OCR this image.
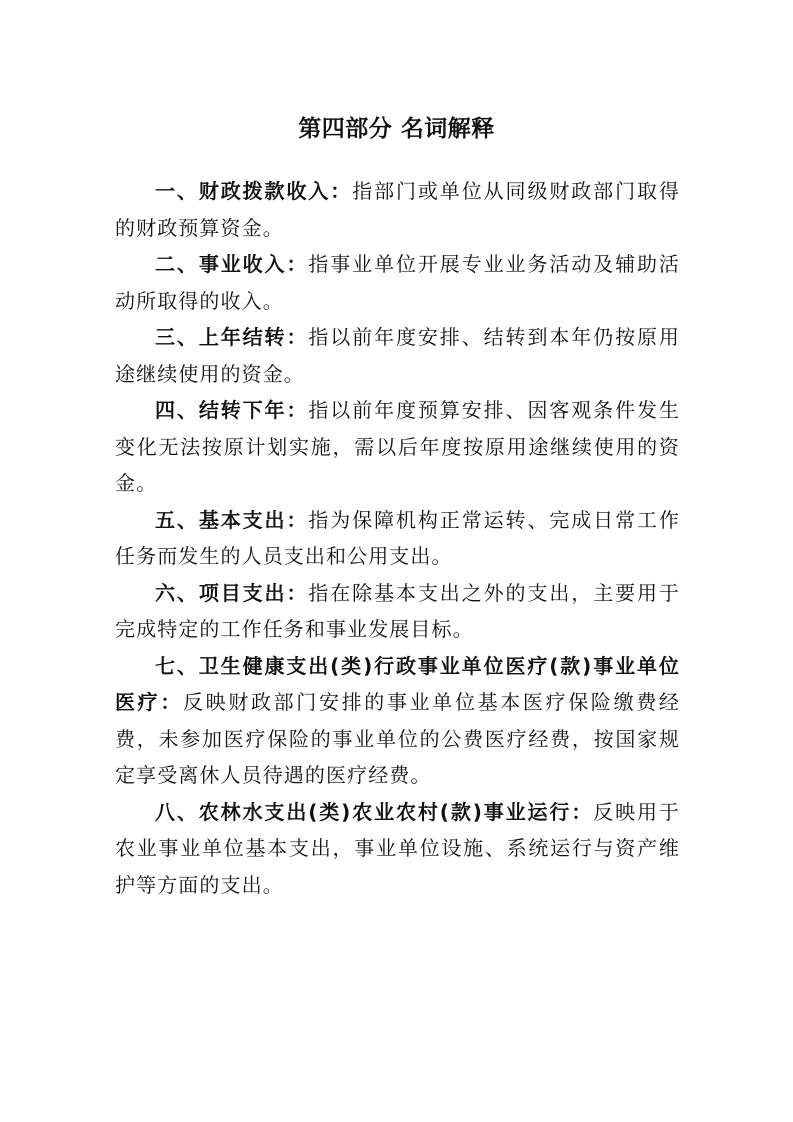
第四部分 名词解释

一、财政拨款收入：指部门或单位从同级财政部门取得的财政预算资金。

二、事业收入：指事业单位开展专业业务活动及辅助活动所取得的收入。

三、上年结转：指以前年度安排、结转到本年仍按原用途继续使用的资金。

四、结转下年：指以前年度预算安排、因客观条件发生变化无法按原计划实施，需以后年度按原用途继续使用的资金。

五、基本支出：指为保障机构正常运转、完成日常工作任务而发生的人员支出和公用支出。

六、项目支出：指在除基本支出之外的支出，主要用于完成特定的工作任务和事业发展目标。

七、卫生健康支出(类)行政事业单位医疗(款)事业单位医疗：反映财政部门安排的事业单位基本医疗保险缴费经费，未参加医疗保险的事业单位的公费医疗经费，按国家规定享受离休人员待遇的医疗经费。

八、农林水支出(类)农业农村(款)事业运行：反映用于农业事业单位基本支出，事业单位设施、系统运行与资产维护等方面的支出。
